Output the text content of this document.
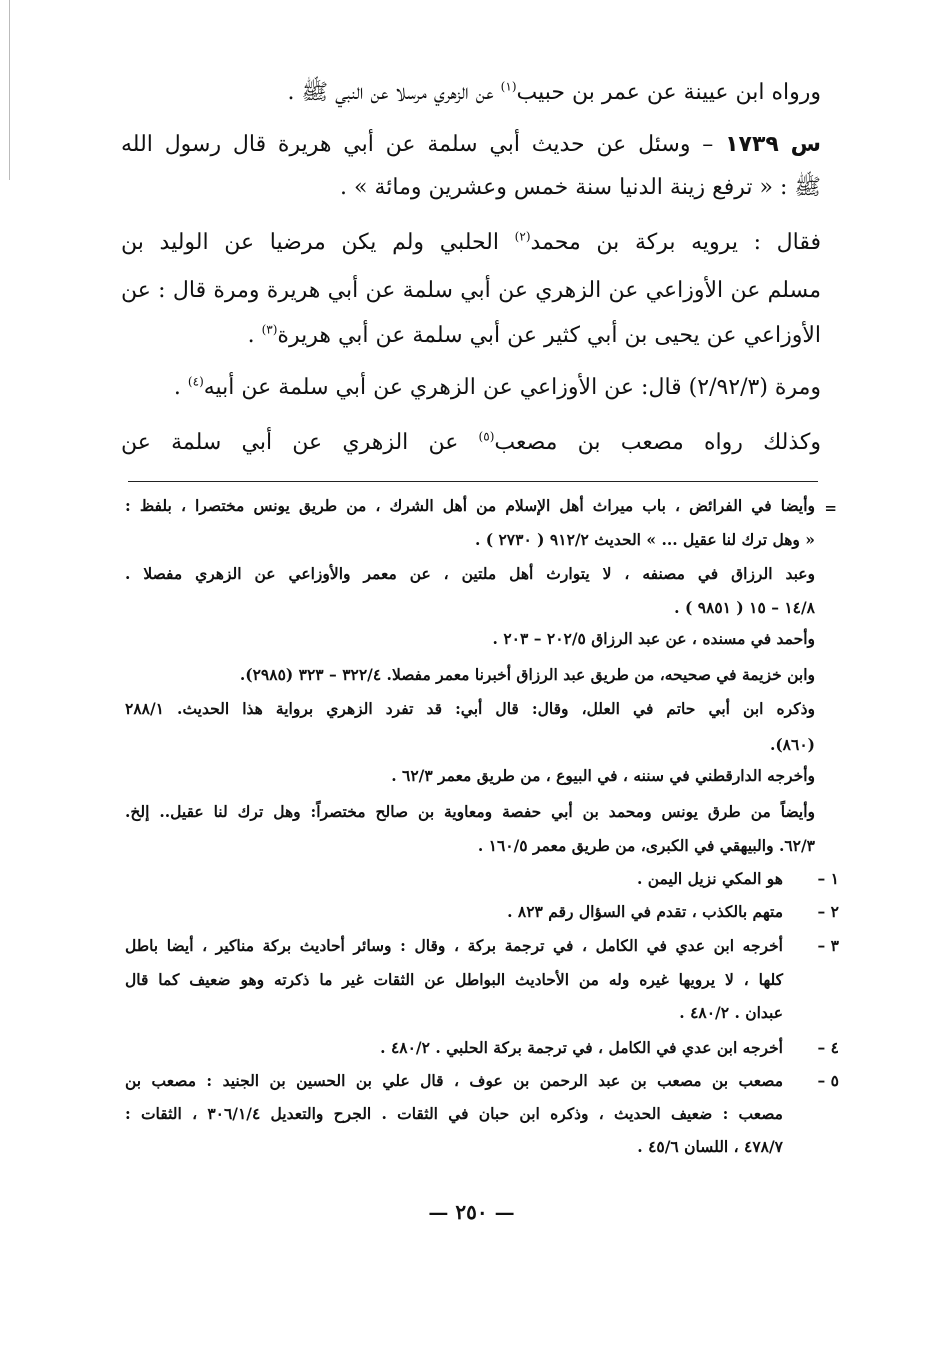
ورواه ابن عيينة عن عمر بن حبيب$^{(١)}$ عن الزهري مرسلا عن النبي ﷺ .
س ١٧٣٩ – وسئل عن حديث أبي سلمة عن أبي هريرة قال رسول الله
ﷺ : « ترفع زينة الدنيا سنة خمس وعشرين ومائة » .
فقال : يرويه بركة بن محمد$^{(٢)}$ الحلبي ولم يكن مرضيا عن الوليد بن
مسلم عن الأوزاعي عن الزهري عن أبي سلمة عن أبي هريرة ومرة قال : عن
الأوزاعي عن يحيى بن أبي كثير عن أبي سلمة عن أبي هريرة$^{(٣)}$ .
ومرة (٢/٩٢/٣) قال: عن الأوزاعي عن الزهري عن أبي سلمة عن أبيه$^{(٤)}$ .
وكذلك رواه مصعب بن مصعب$^{(٥)}$ عن الزهري عن أبي سلمة عن
=
وأيضا في الفرائض ، باب ميراث أهل الإسلام من أهل الشرك ، من طريق يونس مختصرا ، بلفظ :
« وهل ترك لنا عقيل ... » الحديث ٩١٢/٢ ( ٢٧٣٠ ) .
وعبد الرزاق في مصنفه ، لا يتوارث أهل ملتين ، عن معمر والأوزاعي عن الزهري مفصلا .
١٤/٨ – ١٥ ( ٩٨٥١ ) .
وأحمد في مسنده ، عن عبد الرزاق ٢٠٢/٥ – ٢٠٣ .
وابن خزيمة في صحيحه، من طريق عبد الرزاق أخبرنا معمر مفصلا. ٣٢٢/٤ – ٣٢٣ (٢٩٨٥).
وذكره ابن أبي حاتم في العلل، وقال: قال أبي: قد تفرد الزهري برواية هذا الحديث. ٢٨٨/١
(٨٦٠).
وأخرجه الدارقطني في سننه ، في البيوع ، من طريق معمر ٦٢/٣ .
وأيضاً من طرق يونس ومحمد بن أبي حفصة ومعاوية بن صالح مختصراً: وهل ترك لنا عقيل.. إلخ.
٦٢/٣. والبيهقي في الكبرى، من طريق معمر ١٦٠/٥ .
١ –
هو المكي نزيل اليمن .
٢ –
متهم بالكذب ، تقدم في السؤال رقم ٨٢٣ .
٣ –
أخرجه ابن عدي في الكامل ، في ترجمة بركة ، وقال : وسائر أحاديث بركة مناكير ، أيضا باطل
كلها ، لا يرويها غيره وله من الأحاديث البواطل عن الثقات غير ما ذكرته وهو ضعيف كما قال
عبدان . ٤٨٠/٢ .
٤ –
أخرجه ابن عدي في الكامل ، في ترجمة بركة الحلبي . ٤٨٠/٢ .
٥ –
مصعب بن مصعب بن عبد الرحمن بن عوف ، قال علي بن الحسين بن الجنيد : مصعب بن
مصعب : ضعيف الحديث ، وذكره ابن حبان في الثقات . الجرح والتعديل ٣٠٦/١/٤ ، الثقات :
٤٧٨/٧ ، اللسان ٤٥/٦ .
— ٢٥٠ —
